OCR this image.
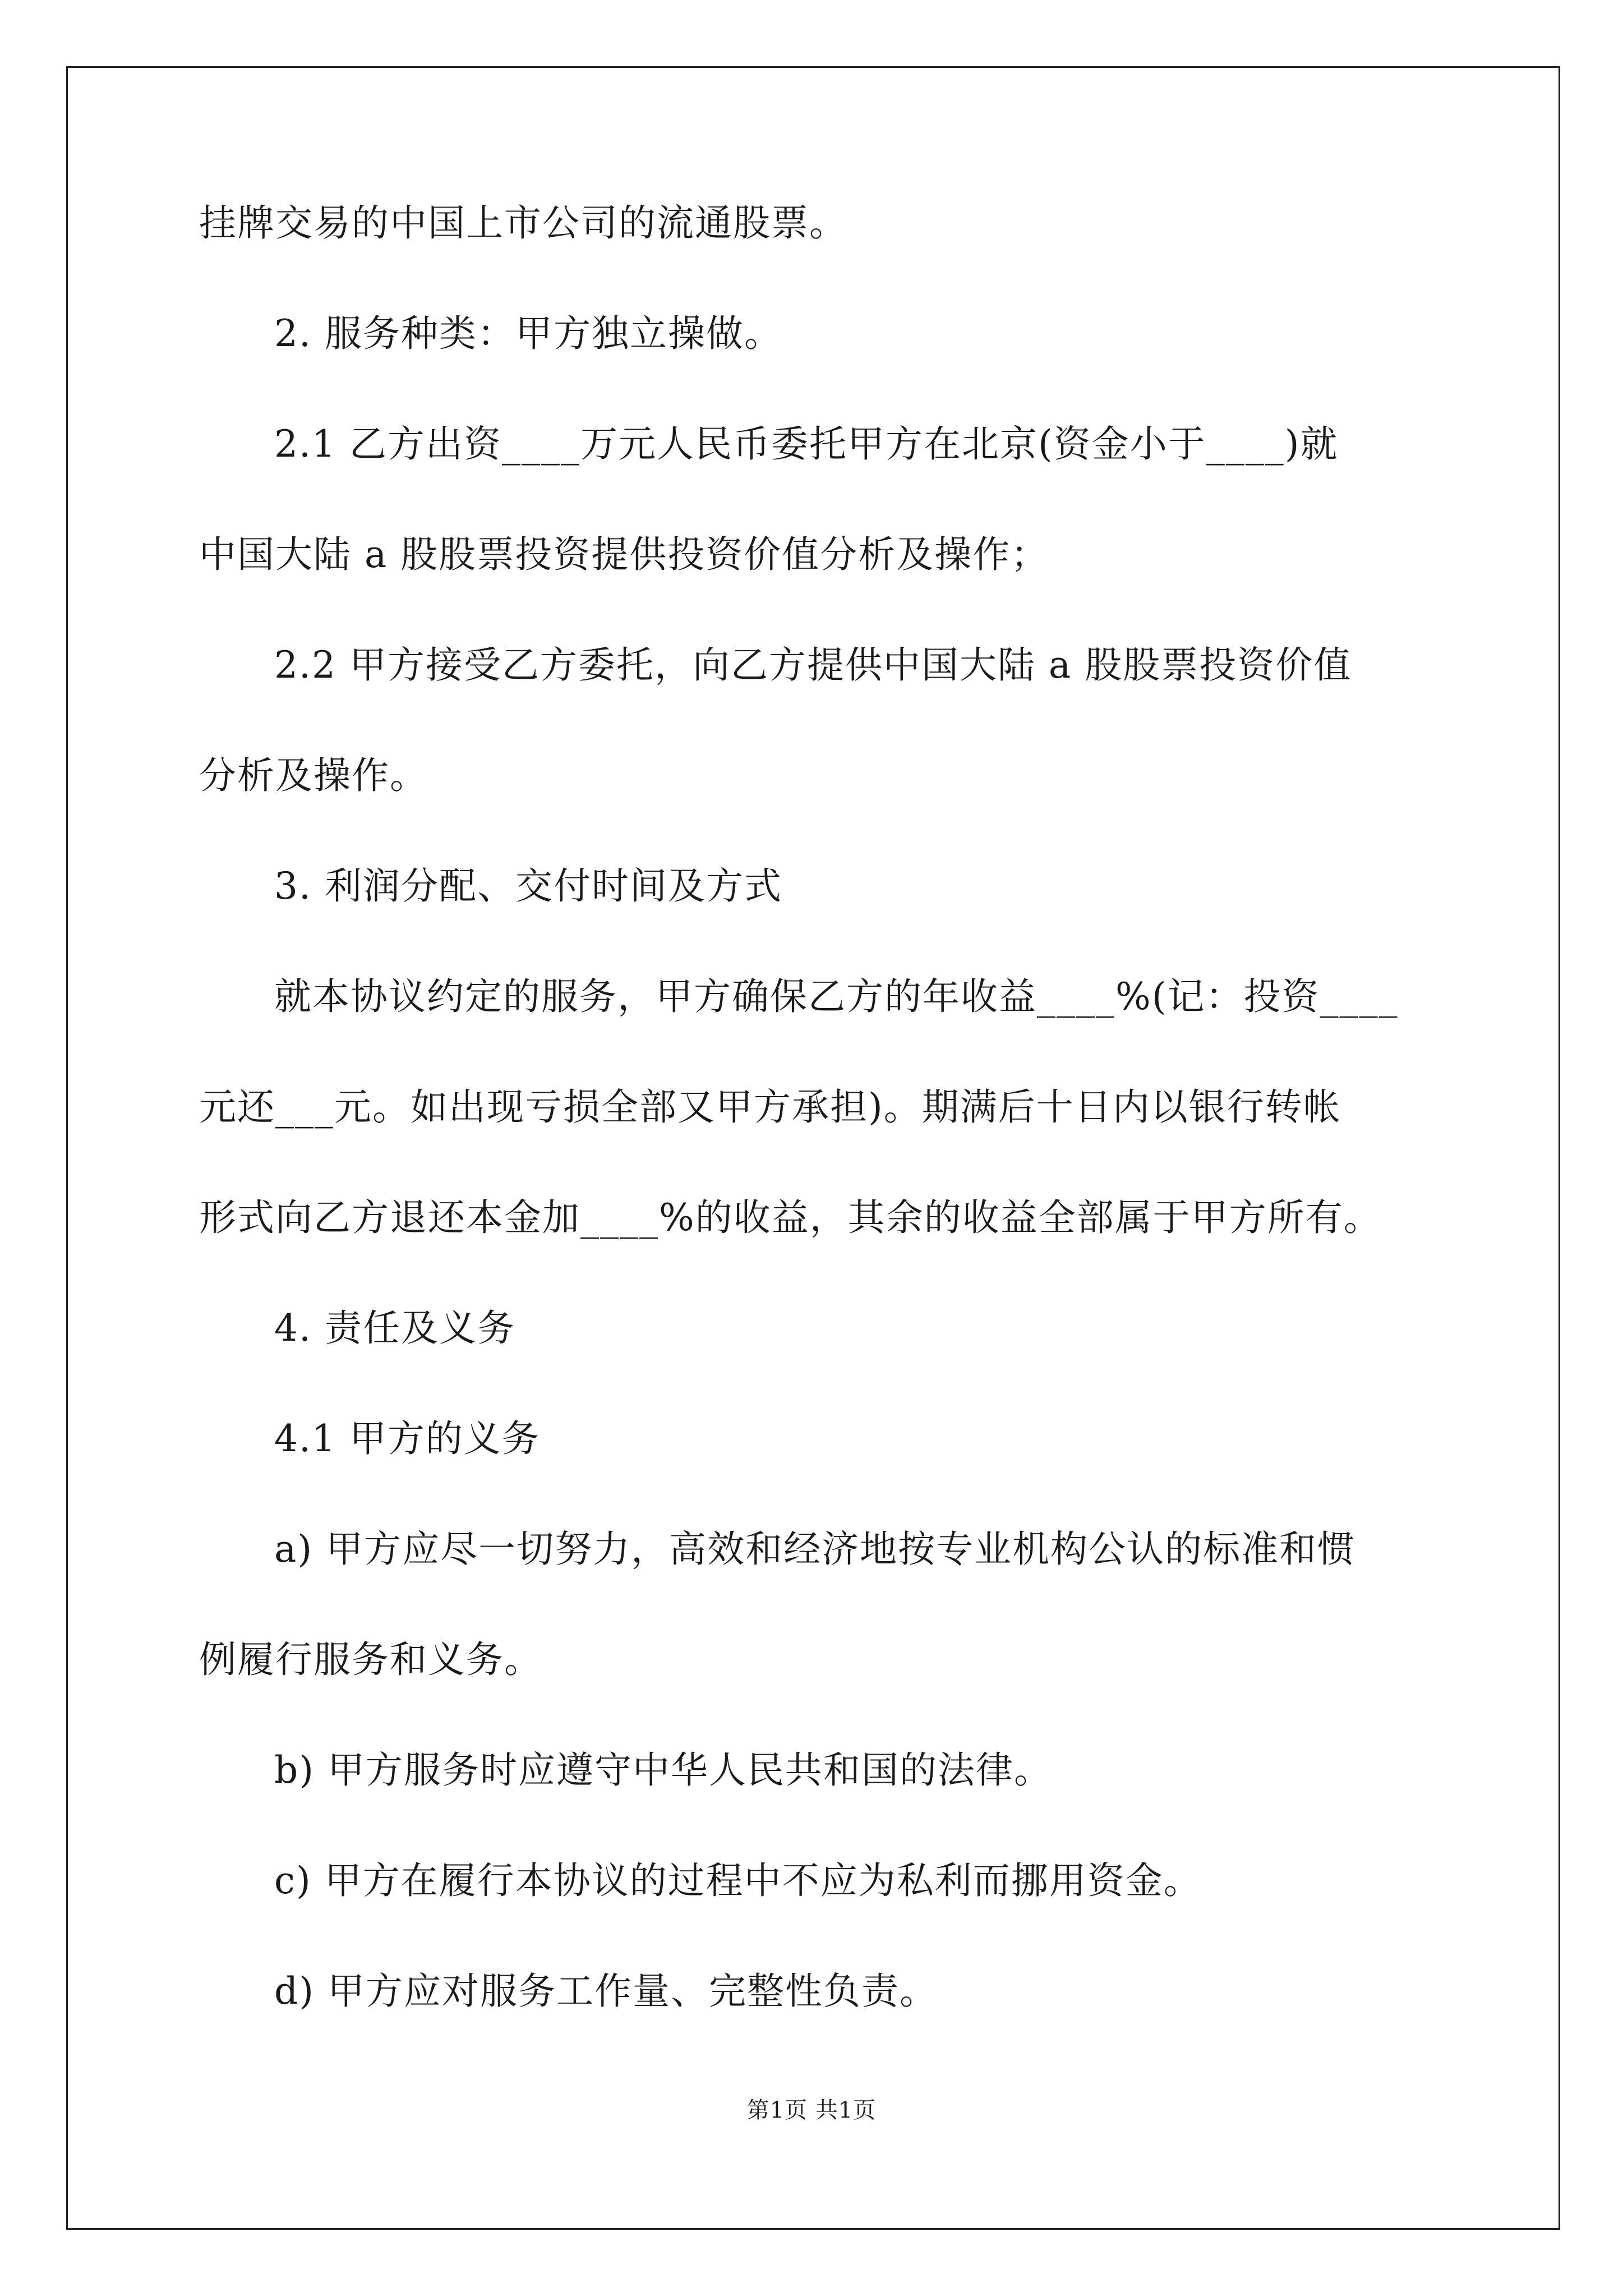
挂牌交易的中国上市公司的流通股票。
2. 服务种类：甲方独立操做。
2.1 乙方出资____万元人民币委托甲方在北京(资金小于____)就
中国大陆 a 股股票投资提供投资价值分析及操作；
2.2 甲方接受乙方委托，向乙方提供中国大陆 a 股股票投资价值
分析及操作。
3. 利润分配、交付时间及方式
就本协议约定的服务，甲方确保乙方的年收益____%(记：投资____
元还___元。如出现亏损全部又甲方承担)。期满后十日内以银行转帐
形式向乙方退还本金加____%的收益，其余的收益全部属于甲方所有。
4. 责任及义务
4.1 甲方的义务
a) 甲方应尽一切努力，高效和经济地按专业机构公认的标准和惯
例履行服务和义务。
b) 甲方服务时应遵守中华人民共和国的法律。
c) 甲方在履行本协议的过程中不应为私利而挪用资金。
d) 甲方应对服务工作量、完整性负责。
第1页 共1页
